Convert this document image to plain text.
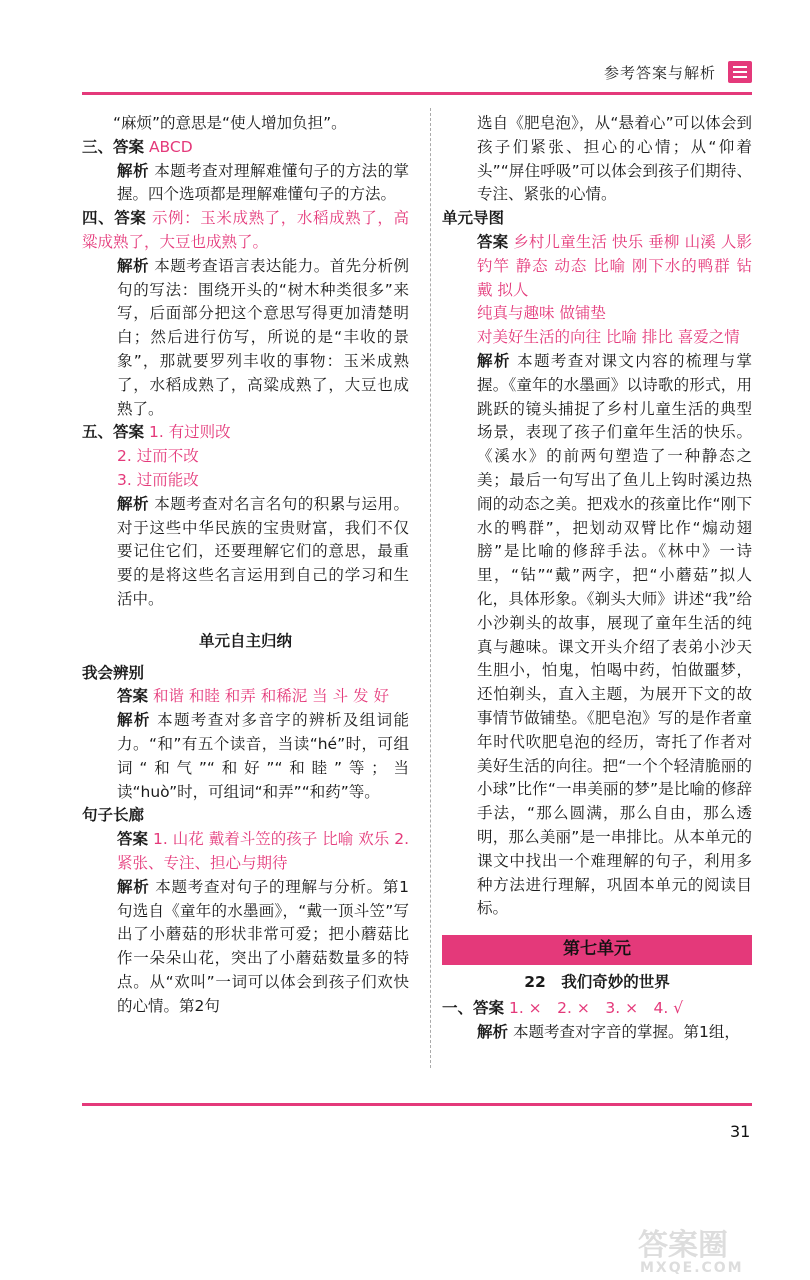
参考答案与解析

“麻烦”的意思是“使人增加负担”。

三、答案 ABCD

解析 本题考查对理解难懂句子的方法的掌握。四个选项都是理解难懂句子的方法。

四、答案 示例：玉米成熟了，水稻成熟了，高粱成熟了，大豆也成熟了。

解析 本题考查语言表达能力。首先分析例句的写法：围绕开头的“树木种类很多”来写，后面部分把这个意思写得更加清楚明白；然后进行仿写，所说的是“丰收的景象”，那就要罗列丰收的事物：玉米成熟了，水稻成熟了，高粱成熟了，大豆也成熟了。

五、答案 1. 有过则改

2. 过而不改

3. 过而能改

解析 本题考查对名言名句的积累与运用。对于这些中华民族的宝贵财富，我们不仅要记住它们，还要理解它们的意思，最重要的是将这些名言运用到自己的学习和生活中。

单元自主归纳

我会辨别

答案 和谐 和睦 和弄 和稀泥 当 斗 发 好

解析 本题考查对多音字的辨析及组词能力。“和”有五个读音，当读“hé”时，可组词“和气”“和好”“和睦”等；当读“huò”时，可组词“和弄”“和药”等。

句子长廊

答案 1. 山花 戴着斗笠的孩子 比喻 欢乐 2. 紧张、专注、担心与期待

解析 本题考查对句子的理解与分析。第1句选自《童年的水墨画》，“戴一顶斗笠”写出了小蘑菇的形状非常可爱；把小蘑菇比作一朵朵山花，突出了小蘑菇数量多的特点。从“欢叫”一词可以体会到孩子们欢快的心情。第2句

选自《肥皂泡》，从“悬着心”可以体会到孩子们紧张、担心的心情；从“仰着头”“屏住呼吸”可以体会到孩子们期待、专注、紧张的心情。

单元导图

答案 乡村儿童生活 快乐 垂柳 山溪 人影 钓竿 静态 动态 比喻 刚下水的鸭群 钻 戴 拟人

纯真与趣味 做铺垫

对美好生活的向往 比喻 排比 喜爱之情

解析 本题考查对课文内容的梳理与掌握。《童年的水墨画》以诗歌的形式，用跳跃的镜头捕捉了乡村儿童生活的典型场景，表现了孩子们童年生活的快乐。《溪水》的前两句塑造了一种静态之美；最后一句写出了鱼儿上钩时溪边热闹的动态之美。把戏水的孩童比作“刚下水的鸭群”，把划动双臂比作“煽动翅膀”是比喻的修辞手法。《林中》一诗里，“钻”“戴”两字，把“小蘑菇”拟人化，具体形象。《剃头大师》讲述“我”给小沙剃头的故事，展现了童年生活的纯真与趣味。课文开头介绍了表弟小沙天生胆小，怕鬼，怕喝中药，怕做噩梦，还怕剃头，直入主题，为展开下文的故事情节做铺垫。《肥皂泡》写的是作者童年时代吹肥皂泡的经历，寄托了作者对美好生活的向往。把“一个个轻清脆丽的小球”比作“一串美丽的梦”是比喻的修辞手法，“那么圆满，那么自由，那么透明，那么美丽”是一串排比。从本单元的课文中找出一个难理解的句子，利用多种方法进行理解，巩固本单元的阅读目标。

第七单元

22　我们奇妙的世界

一、答案 1. ×　2. ×　3. ×　4. √

解析 本题考查对字音的掌握。第1组，

31
答案圈
MXQE.COM
